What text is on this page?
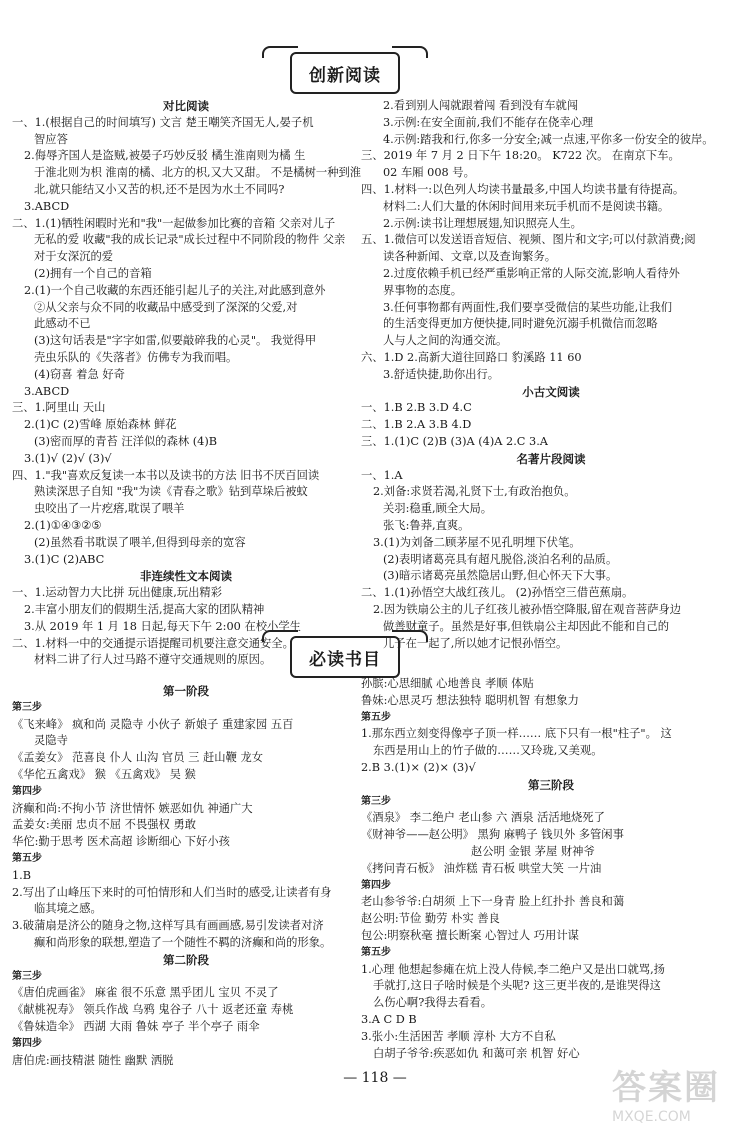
创新阅读

对比阅读

一、1.(根据自己的时间填写) 文言 楚王嘲笑齐国无人,晏子机

智应答

2.侮辱齐国人是盗贼,被晏子巧妙反驳 橘生淮南则为橘 生

于淮北则为枳 淮南的橘、北方的枳,又大又甜。 不是橘树一种到淮

北,就只能结又小又苦的枳,还不是因为水土不同吗?

3.ABCD

二、1.(1)牺牲闲暇时光和"我"一起做参加比赛的音箱 父亲对儿子

无私的爱 收藏"我的成长记录"成长过程中不同阶段的物件 父亲

对于女深沉的爱

(2)拥有一个自己的音箱

2.(1)一个自己收藏的东西还能引起儿子的关注,对此感到意外

②从父亲与众不同的收藏品中感受到了深深的父爱,对

此感动不已

(3)这句话表是"字字如雷,似要敲碎我的心灵"。 我觉得甲

壳虫乐队的《失落者》仿佛专为我而唱。

(4)窃喜 着急 好奇

3.ABCD

三、1.阿里山 天山

2.(1)C (2)雪峰 原始森林 鲜花

(3)密而厚的青苔 汪洋似的森林 (4)B

3.(1)√ (2)√ (3)√

四、1."我"喜欢反复读一本书以及读书的方法 旧书不厌百回读

熟读深思子自知 "我"为读《青春之歌》钻到草垛后被蚊

虫咬出了一片疙瘩,耽误了喂羊

2.(1)①④③②⑤

(2)虽然看书耽误了喂羊,但得到母亲的宽容

3.(1)C (2)ABC

非连续性文本阅读

一、1.运动智力大比拼 玩出健康,玩出精彩

2.丰富小朋友们的假期生活,提高大家的团队精神

3.从 2019 年 1 月 18 日起,每天下午 2:00 在校小学生

二、1.材料一中的交通提示语提醒司机要注意交通安全。

材料二讲了行人过马路不遵守交通规则的原因。

2.看到别人闯就跟着闯 看到没有车就闯

3.示例:在安全面前,我们不能存在侥幸心理

4.示例:踏我和行,你多一分安全;减一点速,平你多一份安全的彼岸。

三、2019 年 7 月 2 日下午 18:20。 K722 次。 在南京下车。

02 车厢 008 号。

四、1.材料一:以色列人均读书量最多,中国人均读书量有待提高。

材料二:人们大量的休闲时间用来玩手机而不是阅读书籍。

2.示例:读书让理想展翅,知识照亮人生。

五、1.微信可以发送语音短信、视频、图片和文字;可以付款消费;阅

读各种新闻、文章,以及查询繁务。

2.过度依赖手机已经严重影响正常的人际交流,影响人看待外

界事物的态度。

3.任何事物都有两面性,我们要享受微信的某些功能,让我们

的生活变得更加方便快捷,同时避免沉溺手机微信而忽略

人与人之间的沟通交流。

六、1.D 2.高新大道往回路口 豹溪路 11 60

3.舒适快捷,助你出行。

小古文阅读

一、1.B 2.B 3.D 4.C

二、1.B 2.A 3.B 4.D

三、1.(1)C (2)B (3)A (4)A 2.C 3.A

名著片段阅读

一、1.A

2.刘备:求贤若渴,礼贤下士,有政治抱负。

关羽:稳重,顾全大局。

张飞:鲁莽,直爽。

3.(1)为刘备二顾茅屋不见孔明埋下伏笔。

(2)表明诸葛亮具有超凡脱俗,淡泊名利的品质。

(3)暗示诸葛亮虽然隐居山野,但心怀天下大事。

二、1.(1)孙悟空大战红孩儿。 (2)孙悟空三借芭蕉扇。

2.因为铁扇公主的儿子红孩儿被孙悟空降服,留在观音菩萨身边

做善财童子。虽然是好事,但铁扇公主却因此不能和自己的

儿子在一起了,所以她才记恨孙悟空。

必读书目

第一阶段

第三步

《飞来峰》 疯和尚 灵隐寺 小伙子 新娘子 重建家园 五百

灵隐寺

《孟姜女》 范喜良 仆人 山沟 官员 三 赶山鞭 龙女

《华佗五禽戏》 猴 《五禽戏》 吴 猴

第四步

济癫和尚:不拘小节 济世情怀 嫉恶如仇 神通广大

孟姜女:美丽 忠贞不屈 不畏强权 勇敢

华佗:勤于思考 医术高超 诊断细心 下好小孩

第五步

1.B

2.写出了山峰压下来时的可怕情形和人们当时的感受,让读者有身

临其境之感。

3.破蒲扇是济公的随身之物,这样写具有画画感,易引发读者对济

癫和尚形象的联想,塑造了一个随性不羁的济癫和尚的形象。

第二阶段

第三步

《唐伯虎画雀》 麻雀 很不乐意 黑乎团儿 宝贝 不灵了

《献桃祝寿》 领兵作战 乌鸦 鬼谷子 八十 返老还童 寿桃

《鲁妹造伞》 西湖 大雨 鲁妹 亭子 半个亭子 雨伞

第四步

唐伯虎:画技精湛 随性 幽默 洒脱

孙膑:心思细腻 心地善良 孝顺 体贴

鲁妹:心思灵巧 想法独特 聪明机智 有想象力

第五步

1.那东西立刻变得像亭子顶一样…… 底下只有一根"柱子"。 这

东西是用山上的竹子做的……又玲珑,又美观。

2.B 3.(1)× (2)× (3)√

第三阶段

第三步

《酒泉》 李二绝户 老山参 六 酒泉 活活地烧死了

《财神爷——赵公明》 黑狗 麻鸭子 钱贝外 多管闲事

赵公明 金银 茅屋 财神爷

《拷问青石板》 油炸糕 青石板 哄堂大笑 一片油

第四步

老山参爷爷:白胡须 上下一身青 脸上红扑扑 善良和蔼

赵公明:节俭 勤劳 朴实 善良

包公:明察秋毫 擅长断案 心智过人 巧用计谋

第五步

1.心理 他想起参瘫在炕上没人侍候,李二绝户又是出口就骂,扬

手就打,这日子啥时候是个头呢? 这三更半夜的,是谁哭得这

么伤心啊?我得去看看。

3.A C D B

3.张小:生活困苦 孝顺 淳朴 大方不自私

白胡子爷爷:疾恶如仇 和蔼可亲 机智 好心

— 118 —	答案圈
MXQE.COM
